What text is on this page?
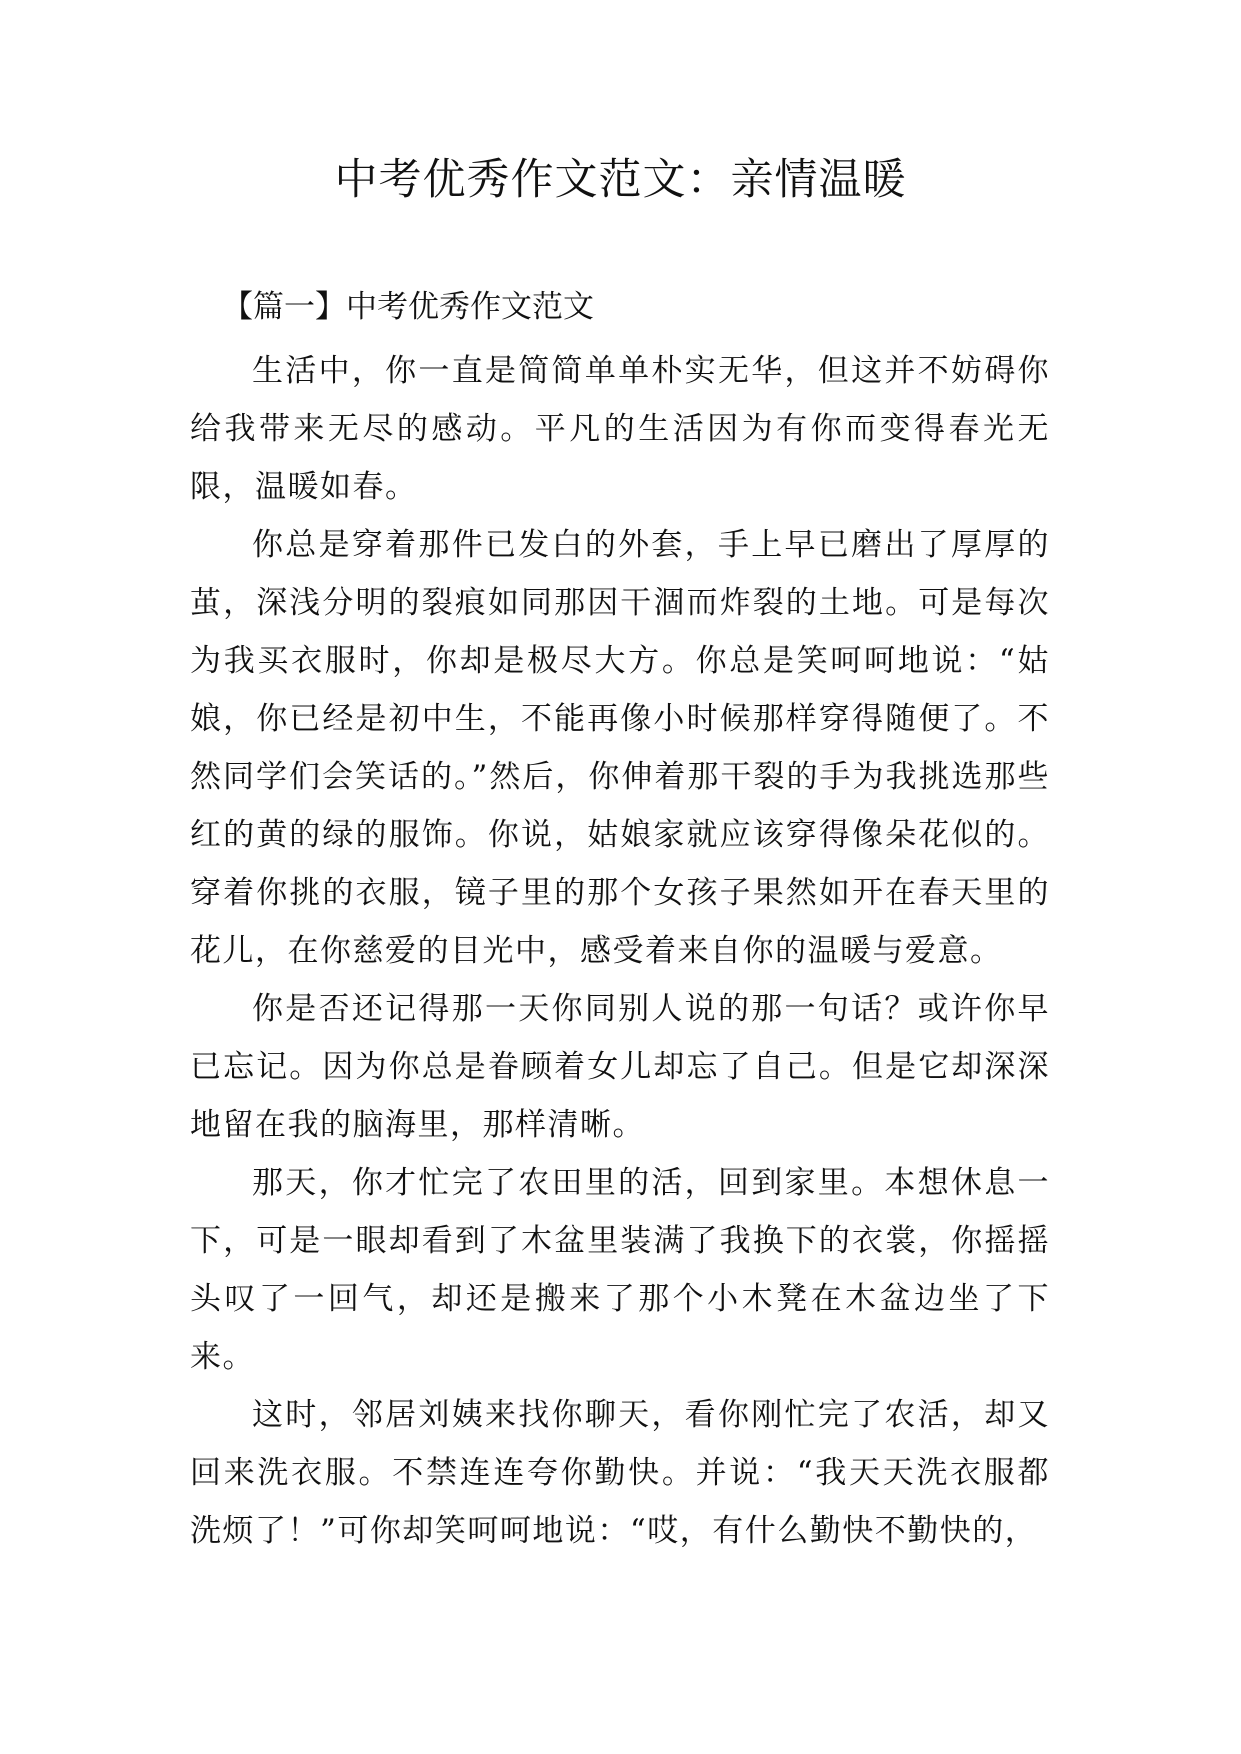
中考优秀作文范文：亲情温暖
【篇一】中考优秀作文范文

生活中，你一直是简简单单朴实无华，但这并不妨碍你给我带来无尽的感动。平凡的生活因为有你而变得春光无限，温暖如春。

你总是穿着那件已发白的外套，手上早已磨出了厚厚的茧，深浅分明的裂痕如同那因干涸而炸裂的土地。可是每次为我买衣服时，你却是极尽大方。你总是笑呵呵地说：“姑娘，你已经是初中生，不能再像小时候那样穿得随便了。不然同学们会笑话的。”然后，你伸着那干裂的手为我挑选那些红的黄的绿的服饰。你说，姑娘家就应该穿得像朵花似的。穿着你挑的衣服，镜子里的那个女孩子果然如开在春天里的花儿，在你慈爱的目光中，感受着来自你的温暖与爱意。

你是否还记得那一天你同别人说的那一句话？或许你早已忘记。因为你总是眷顾着女儿却忘了自己。但是它却深深地留在我的脑海里，那样清晰。

那天，你才忙完了农田里的活，回到家里。本想休息一下，可是一眼却看到了木盆里装满了我换下的衣裳，你摇摇头叹了一回气，却还是搬来了那个小木凳在木盆边坐了下来。

这时，邻居刘姨来找你聊天，看你刚忙完了农活，却又回来洗衣服。不禁连连夸你勤快。并说：“我天天洗衣服都洗烦了！”可你却笑呵呵地说：“哎，有什么勤快不勤快的，
